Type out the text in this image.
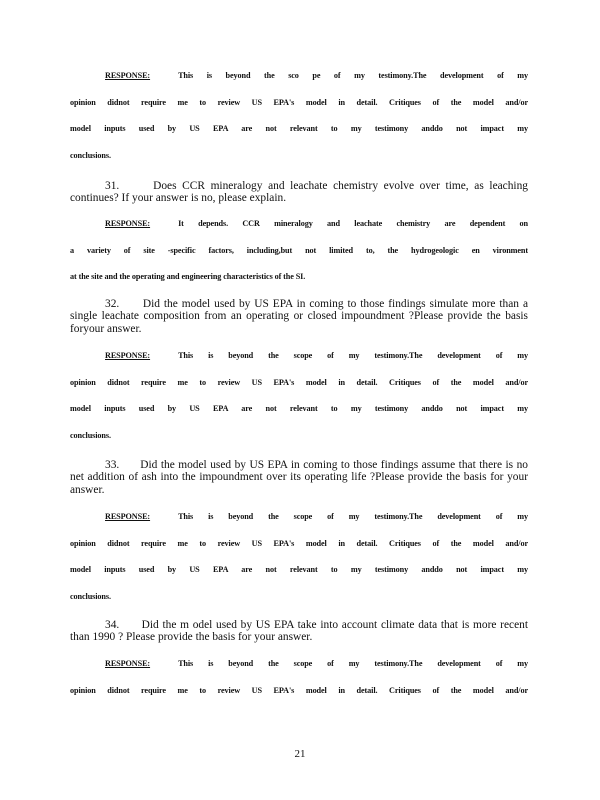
RESPONSE:	This is beyond the sco pe of my testimony.The development of my
opinion didnot require me to review US EPA's model in detail. Critiques of the model and/or
model inputs used by US EPA are not relevant to my testimony anddo not impact my
conclusions.
31.	Does CCR mineralogy and leachate chemistry evolve over time, as leaching continues? If your answer is no, please explain.
RESPONSE:	It depends. CCR mineralogy and leachate chemistry are dependent on
a variety of site -specific factors, including,but not limited to, the hydrogeologic en vironment
at the site and the operating and engineering characteristics of the SI.
32. Did the model used by US EPA in coming to those findings simulate more than a single leachate composition from an operating or closed impoundment ?Please provide the basis foryour answer.
RESPONSE:	This is beyond the scope of my testimony.The development of my
opinion didnot require me to review US EPA's model in detail. Critiques of the model and/or
model inputs used by US EPA are not relevant to my testimony anddo not impact my
conclusions.
33. Did the model used by US EPA in coming to those findings assume that there is no net addition of ash into the impoundment over its operating life ?Please provide the basis for your answer.
RESPONSE:	This is beyond the scope of my testimony.The development of my
opinion didnot require me to review US EPA's model in detail. Critiques of the model and/or
model inputs used by US EPA are not relevant to my testimony anddo not impact my
conclusions.
34. Did the m odel used by US EPA take into account climate data that is more recent than 1990 ? Please provide the basis for your answer.
RESPONSE:	This is beyond the scope of my testimony.The development of my
opinion didnot require me to review US EPA's model in detail. Critiques of the model and/or
21
